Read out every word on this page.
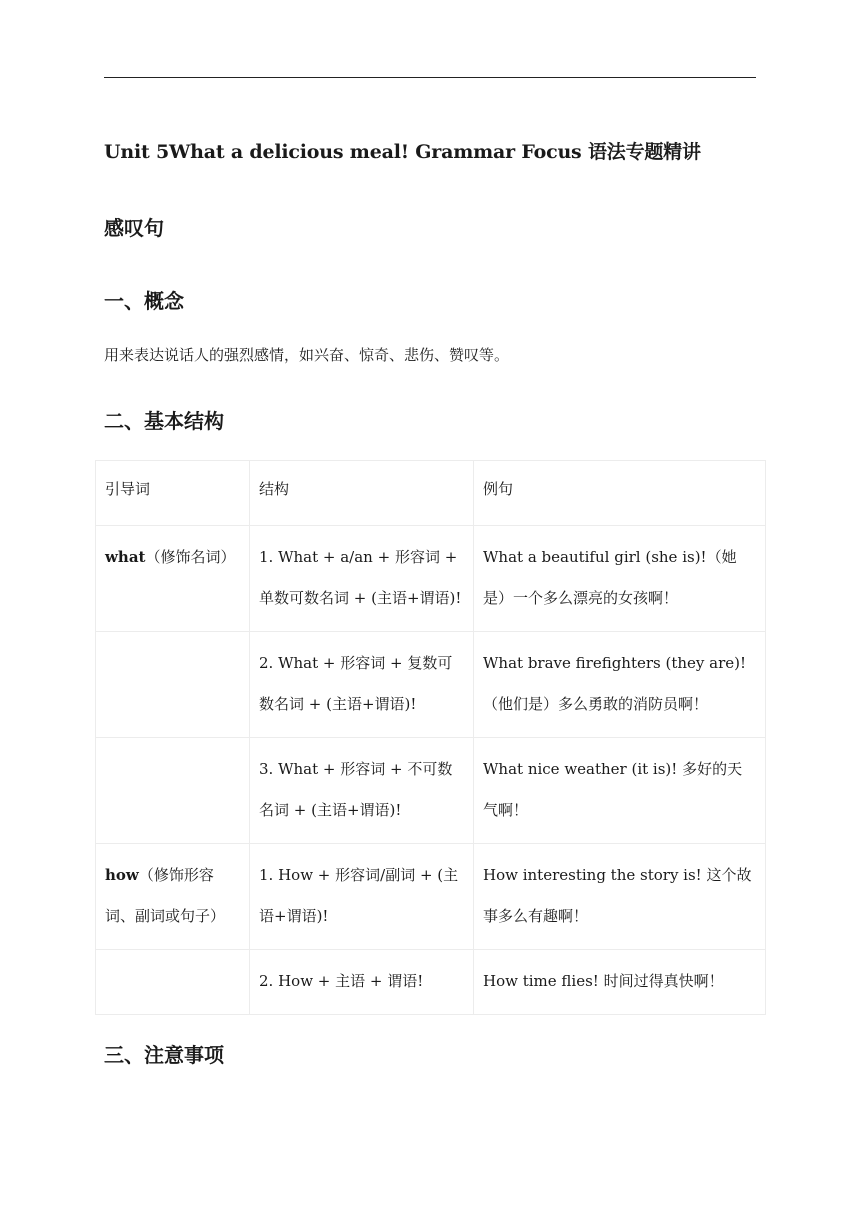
Unit 5What a delicious meal! Grammar Focus 语法专题精讲
感叹句
一、概念
用来表达说话人的强烈感情，如兴奋、惊奇、悲伤、赞叹等。
二、基本结构
引导词	结构	例句

what（修饰名词）	1. What + a/an + 形容词 + 单数可数名词 + (主语+谓语)!	What a beautiful girl (she is)!（她是）一个多么漂亮的女孩啊！

	2. What + 形容词 + 复数可数名词 + (主语+谓语)!	What brave firefighters (they are)!（他们是）多么勇敢的消防员啊！

	3. What + 形容词 + 不可数名词 + (主语+谓语)!	What nice weather (it is)! 多好的天气啊！

how（修饰形容词、副词或句子）	1. How + 形容词/副词 + (主语+谓语)!	How interesting the story is! 这个故事多么有趣啊！

	2. How + 主语 + 谓语!	How time flies! 时间过得真快啊！
三、注意事项
